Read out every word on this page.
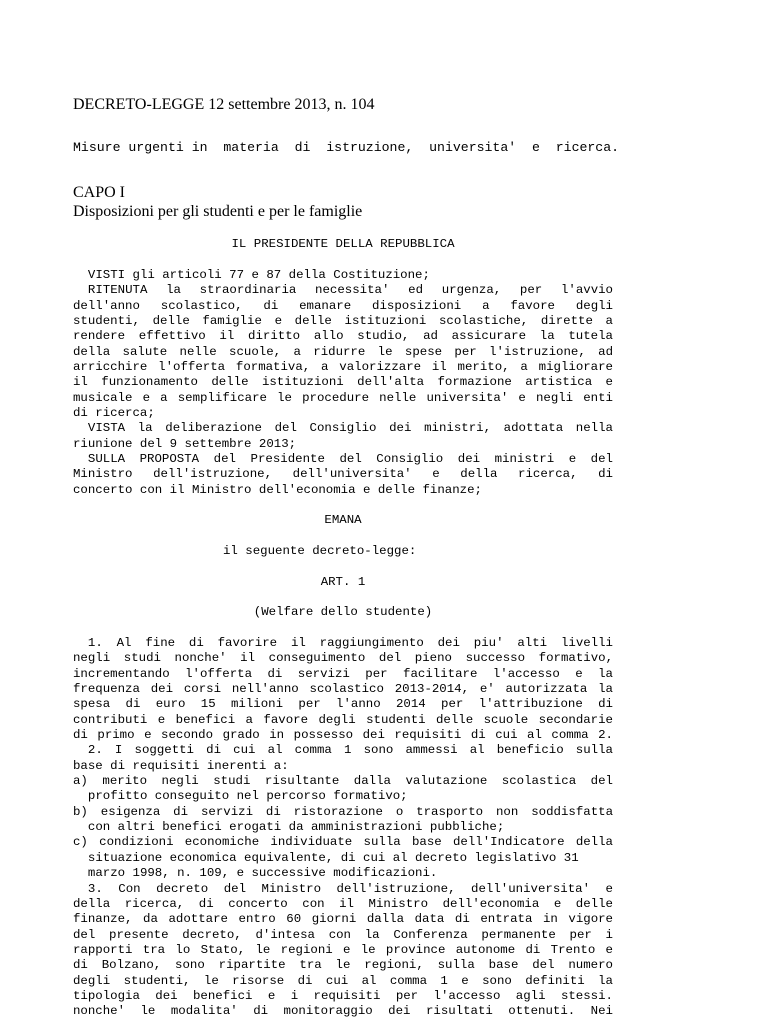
DECRETO-LEGGE 12 settembre 2013, n. 104
Misure urgenti in  materia  di  istruzione,  universita'  e  ricerca.
CAPO I
Disposizioni per gli studenti e per le famiglie
IL PRESIDENTE DELLA REPUBBLICA
VISTI gli articoli 77 e 87 della Costituzione;
RITENUTA la straordinaria necessita' ed urgenza, per l'avvio
dell'anno scolastico, di emanare disposizioni a favore degli
studenti, delle famiglie e delle istituzioni scolastiche, dirette a
rendere effettivo il diritto allo studio, ad assicurare la tutela
della salute nelle scuole, a ridurre le spese per l'istruzione, ad
arricchire l'offerta formativa, a valorizzare il merito, a migliorare
il funzionamento delle istituzioni dell'alta formazione artistica e
musicale e a semplificare le procedure nelle universita' e negli enti
di ricerca;
VISTA la deliberazione del Consiglio dei ministri, adottata nella
riunione del 9 settembre 2013;
SULLA PROPOSTA del Presidente del Consiglio dei ministri e del
Ministro dell'istruzione, dell'universita' e della ricerca, di
concerto con il Ministro dell'economia e delle finanze;
EMANA
il seguente decreto-legge:
ART. 1
(Welfare dello studente)
1. Al fine di favorire il raggiungimento dei piu' alti livelli
negli studi nonche' il conseguimento del pieno successo formativo,
incrementando l'offerta di servizi per facilitare l'accesso e la
frequenza dei corsi nell'anno scolastico 2013-2014, e' autorizzata la
spesa di euro 15 milioni per l'anno 2014 per l'attribuzione di
contributi e benefici a favore degli studenti delle scuole secondarie
di primo e secondo grado in possesso dei requisiti di cui al comma 2.
2. I soggetti di cui al comma 1 sono ammessi al beneficio sulla
base di requisiti inerenti a:
a) merito negli studi risultante dalla valutazione scolastica del
profitto conseguito nel percorso formativo;
b) esigenza di servizi di ristorazione o trasporto non soddisfatta
con altri benefici erogati da amministrazioni pubbliche;
c) condizioni economiche individuate sulla base dell'Indicatore della
situazione economica equivalente, di cui al decreto legislativo 31
marzo 1998, n. 109, e successive modificazioni.
3. Con decreto del Ministro dell'istruzione, dell'universita' e
della ricerca, di concerto con il Ministro dell'economia e delle
finanze, da adottare entro 60 giorni dalla data di entrata in vigore
del presente decreto, d'intesa con la Conferenza permanente per i
rapporti tra lo Stato, le regioni e le province autonome di Trento e
di Bolzano, sono ripartite tra le regioni, sulla base del numero
degli studenti, le risorse di cui al comma 1 e sono definiti la
tipologia dei benefici e i requisiti per l'accesso agli stessi.
nonche' le modalita' di monitoraggio dei risultati ottenuti. Nei
